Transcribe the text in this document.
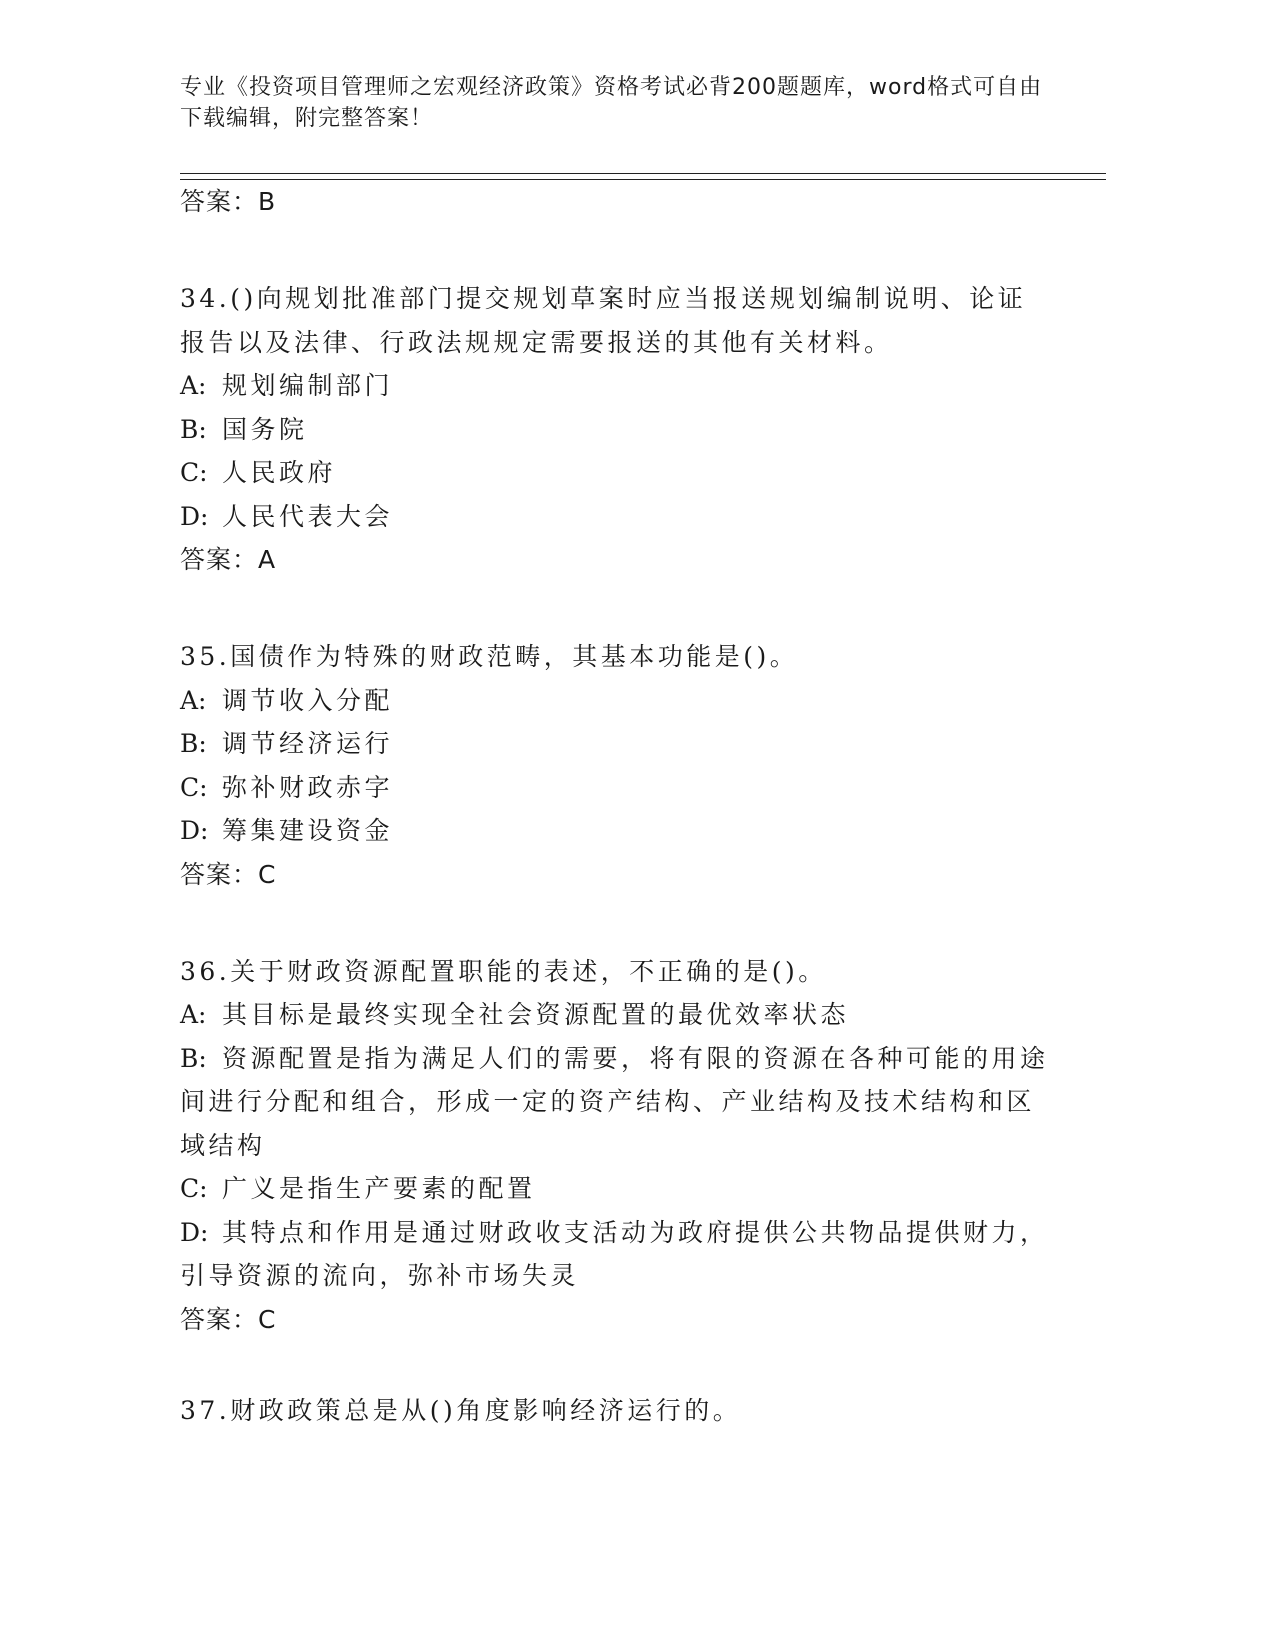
专业《投资项目管理师之宏观经济政策》资格考试必背200题题库，word格式可自由下载编辑，附完整答案！

答案：B

34.()向规划批准部门提交规划草案时应当报送规划编制说明、论证报告以及法律、行政法规规定需要报送的其他有关材料。

A: 规划编制部门

B: 国务院

C: 人民政府

D: 人民代表大会

答案：A

35.国债作为特殊的财政范畴，其基本功能是()。

A: 调节收入分配

B: 调节经济运行

C: 弥补财政赤字

D: 筹集建设资金

答案：C

36.关于财政资源配置职能的表述，不正确的是()。

A: 其目标是最终实现全社会资源配置的最优效率状态

B: 资源配置是指为满足人们的需要，将有限的资源在各种可能的用途间进行分配和组合，形成一定的资产结构、产业结构及技术结构和区域结构

C: 广义是指生产要素的配置

D: 其特点和作用是通过财政收支活动为政府提供公共物品提供财力，引导资源的流向，弥补市场失灵

答案：C

37.财政政策总是从()角度影响经济运行的。
